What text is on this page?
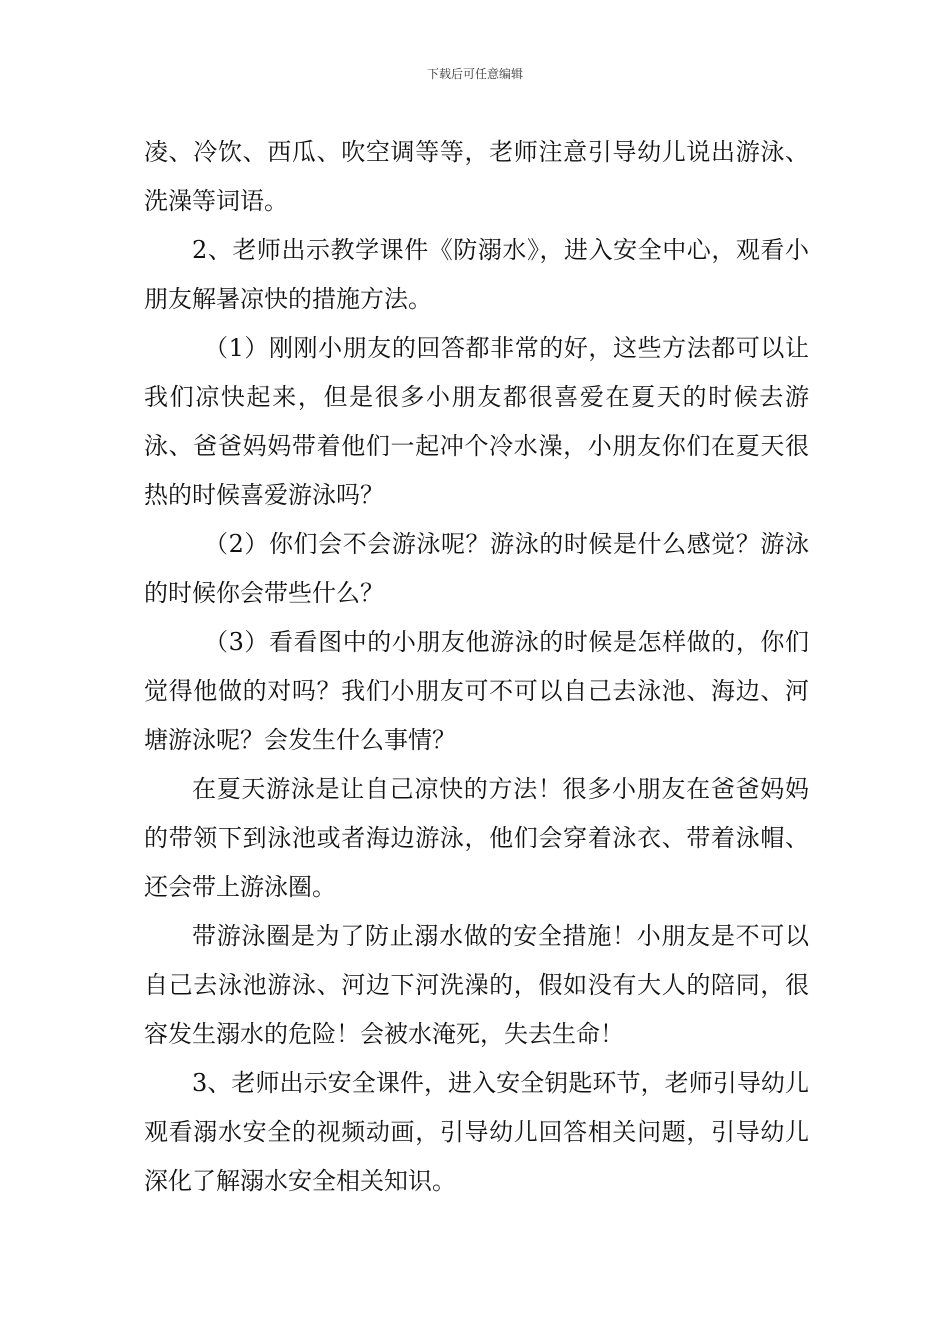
下载后可任意编辑

凌、冷饮、西瓜、吹空调等等，老师注意引导幼儿说出游泳、洗澡等词语。

2、老师出示教学课件《防溺水》，进入安全中心，观看小朋友解暑凉快的措施方法。

（1）刚刚小朋友的回答都非常的好，这些方法都可以让我们凉快起来，但是很多小朋友都很喜爱在夏天的时候去游泳、爸爸妈妈带着他们一起冲个冷水澡，小朋友你们在夏天很热的时候喜爱游泳吗？

（2）你们会不会游泳呢？游泳的时候是什么感觉？游泳的时候你会带些什么？

（3）看看图中的小朋友他游泳的时候是怎样做的，你们觉得他做的对吗？我们小朋友可不可以自己去泳池、海边、河塘游泳呢？会发生什么事情？

在夏天游泳是让自己凉快的方法！很多小朋友在爸爸妈妈的带领下到泳池或者海边游泳，他们会穿着泳衣、带着泳帽、还会带上游泳圈。

带游泳圈是为了防止溺水做的安全措施！小朋友是不可以自己去泳池游泳、河边下河洗澡的，假如没有大人的陪同，很容发生溺水的危险！会被水淹死，失去生命！

3、老师出示安全课件，进入安全钥匙环节，老师引导幼儿观看溺水安全的视频动画，引导幼儿回答相关问题，引导幼儿深化了解溺水安全相关知识。
